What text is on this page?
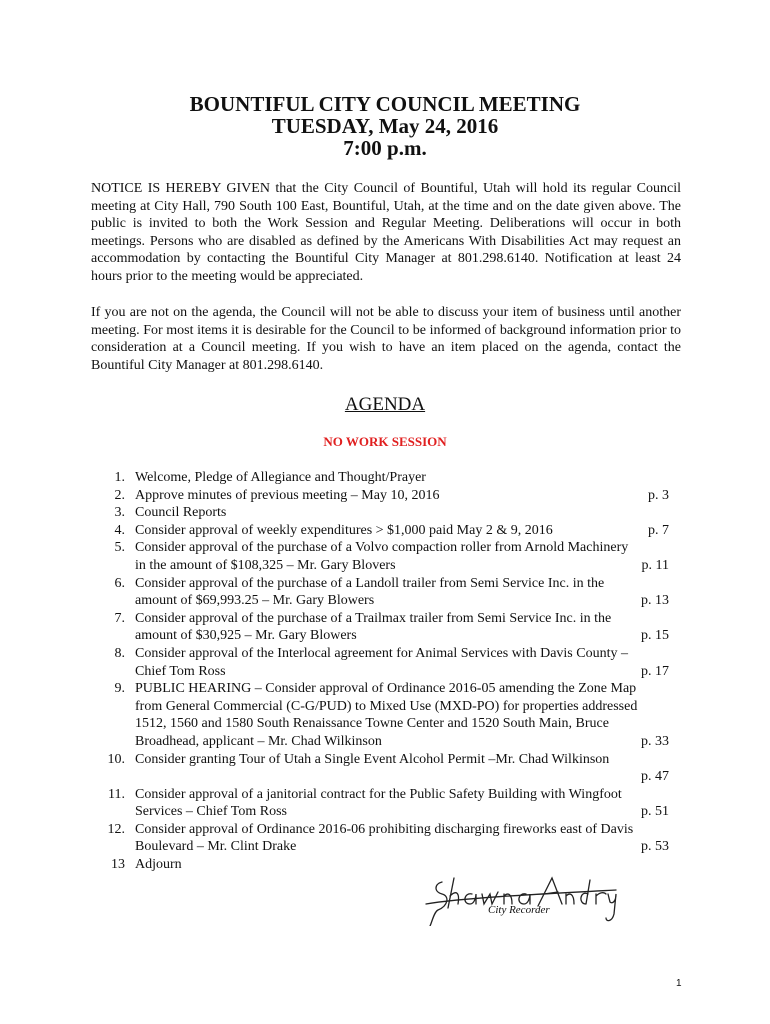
BOUNTIFUL CITY COUNCIL MEETING

TUESDAY, May 24, 2016

7:00 p.m.

NOTICE IS HEREBY GIVEN that the City Council of Bountiful, Utah will hold its regular Council meeting at City Hall, 790 South 100 East, Bountiful, Utah, at the time and on the date given above. The public is invited to both the Work Session and Regular Meeting. Deliberations will occur in both meetings. Persons who are disabled as defined by the Americans With Disabilities Act may request an accommodation by contacting the Bountiful City Manager at 801.298.6140. Notification at least 24 hours prior to the meeting would be appreciated.

If you are not on the agenda, the Council will not be able to discuss your item of business until another meeting. For most items it is desirable for the Council to be informed of background information prior to consideration at a Council meeting. If you wish to have an item placed on the agenda, contact the Bountiful City Manager at 801.298.6140.

AGENDA

NO WORK SESSION

1. Welcome, Pledge of Allegiance and Thought/Prayer
2. Approve minutes of previous meeting – May 10, 2016	p. 3
3. Council Reports
4. Consider approval of weekly expenditures > $1,000 paid May 2 & 9, 2016	p. 7
5. Consider approval of the purchase of a Volvo compaction roller from Arnold Machinery
in the amount of $108,325 – Mr. Gary Blovers	p. 11
6. Consider approval of the purchase of a Landoll trailer from Semi Service Inc. in the
amount of $69,993.25 – Mr. Gary Blowers	p. 13
7. Consider approval of the purchase of a Trailmax trailer from Semi Service Inc. in the
amount of $30,925 – Mr. Gary Blowers	p. 15
8. Consider approval of the Interlocal agreement for Animal Services with Davis County –
Chief Tom Ross	p. 17
9. PUBLIC HEARING – Consider approval of Ordinance 2016-05 amending the Zone Map
from General Commercial (C-G/PUD) to Mixed Use (MXD-PO) for properties addressed
1512, 1560 and 1580 South Renaissance Towne Center and 1520 South Main, Bruce
Broadhead, applicant – Mr. Chad Wilkinson	p. 33
10. Consider granting Tour of Utah a Single Event Alcohol Permit –Mr. Chad Wilkinson
p. 47
11. Consider approval of a janitorial contract for the Public Safety Building with Wingfoot
Services – Chief Tom Ross	p. 51
12. Consider approval of Ordinance 2016-06 prohibiting discharging fireworks east of Davis
Boulevard – Mr. Clint Drake	p. 53
13 Adjourn

City Recorder

1
